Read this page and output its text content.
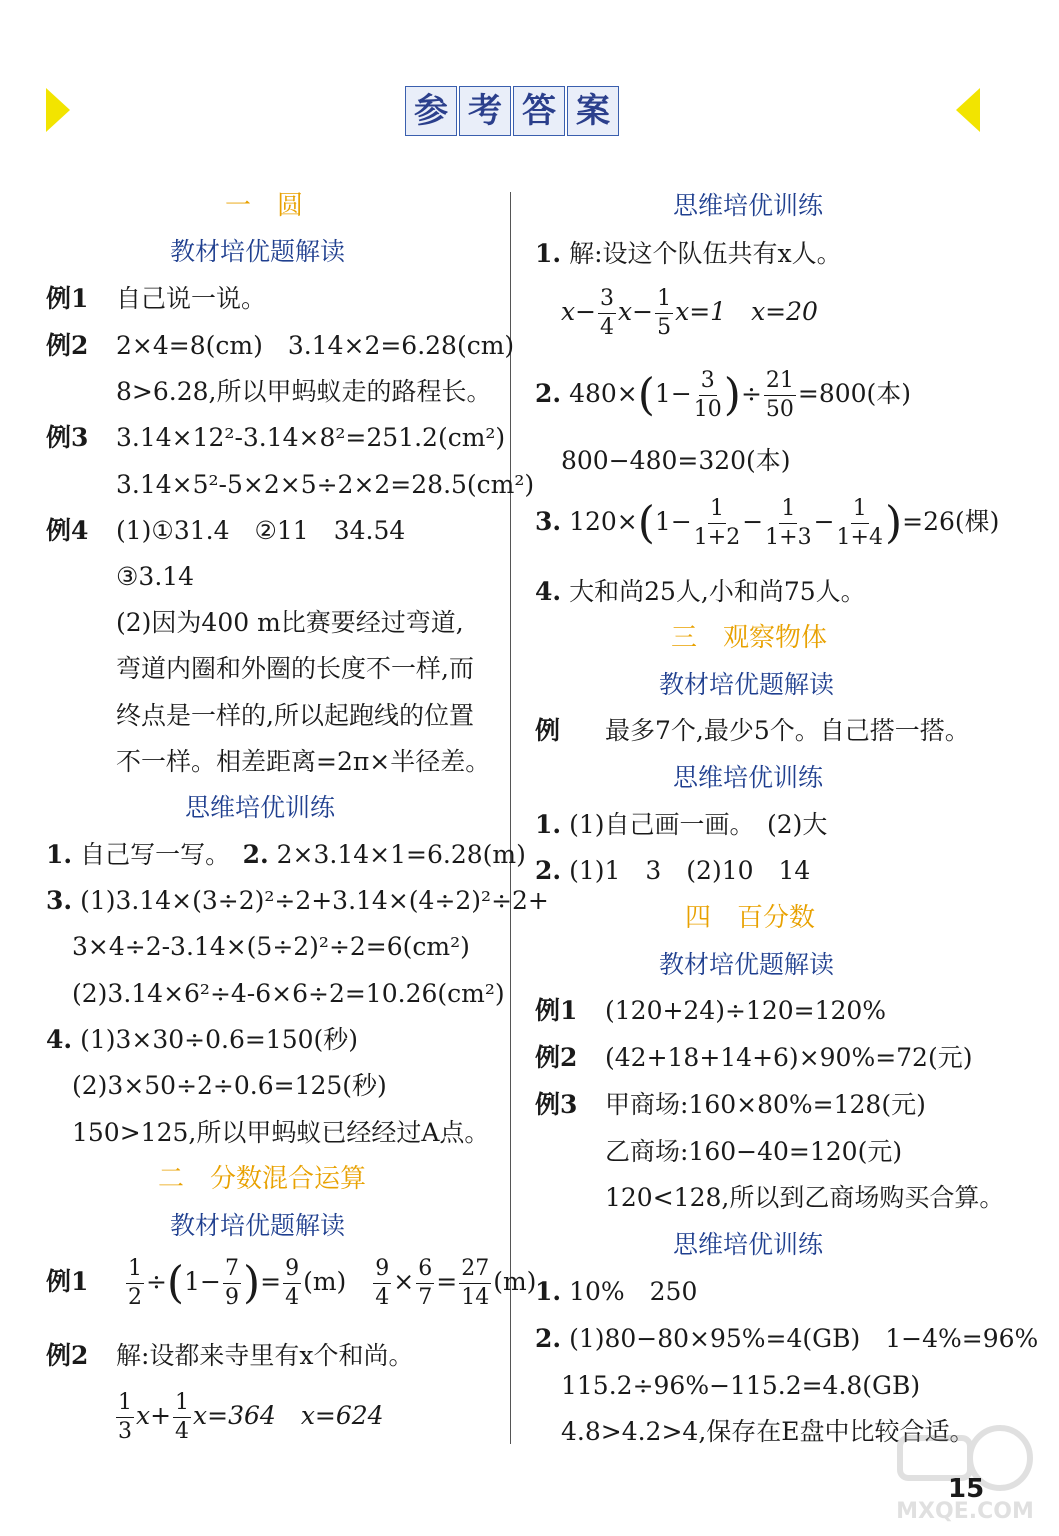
参 考 答 案
一　圆
教材培优题解读
例1 自己说一说。
例2 2×4=8(cm)　3.14×2=6.28(cm)
8>6.28,所以甲蚂蚁走的路程长。
例3 3.14×12²-3.14×8²=251.2(cm²)
3.14×5²-5×2×5÷2×2=28.5(cm²)
例4 (1)①31.4　②11　34.54
③3.14
(2)因为400 m比赛要经过弯道,
弯道内圈和外圈的长度不一样,而
终点是一样的,所以起跑线的位置
不一样。相差距离=2π×半径差。
思维培优训练
1. 自己写一写。　 2. 2×3.14×1=6.28(m)
3. (1)3.14×(3÷2)²÷2+3.14×(4÷2)²÷2+
3×4÷2-3.14×(5÷2)²÷2=6(cm²)
(2)3.14×6²÷4-6×6÷2=10.26(cm²)
4. (1)3×30÷0.6=150(秒)
(2)3×50÷2÷0.6=125(秒)
150>125,所以甲蚂蚁已经经过A点。
二　分数混合运算
教材培优题解读
例$1 \frac{1}{2} \div(1- \frac{7}{9}$ )= $\frac{9}{4} (m)$　 $\frac{9}{4} \times \frac{6}{7} = \frac{27}{14} (m)$
例2 解:设都来寺里有x个和尚。
$\frac{1}{3} x+ \frac{1}{4} x=364$　 x=624
思维培优训练
1. 解:设这个队伍共有x人。
$x- \frac{3}{4} x- \frac{1}{5} x=1$　 x=20
2. $480\times(1- \frac{3}{10}$ )÷ $\frac{21}{50} =800$(本)
800−480=320(本)
3. $120\times(1- \frac{1}{1+2} - \frac{1}{1+3} - \frac{1}{1+4} )=26$(棵)
4. 大和尚25人,小和尚75人。
三　观察物体
教材培优题解读
例 最多7个,最少5个。自己搭一搭。
思维培优训练
1. (1)自己画一画。　(2)大
2. (1)1　3　(2)10　14
四　百分数
教材培优题解读
例1 (120+24)÷120=120%
例2 (42+18+14+6)×90%=72(元)
例3 甲商场:160×80%=128(元)
乙商场:160−40=120(元)
120<128,所以到乙商场购买合算。
思维培优训练
1. 10%　250
2. (1)80−80×95%=4(GB)　1−4%=96%
115.2÷96%−115.2=4.8(GB)
4.8>4.2>4,保存在E盘中比较合适。
MXQE.COM
15
